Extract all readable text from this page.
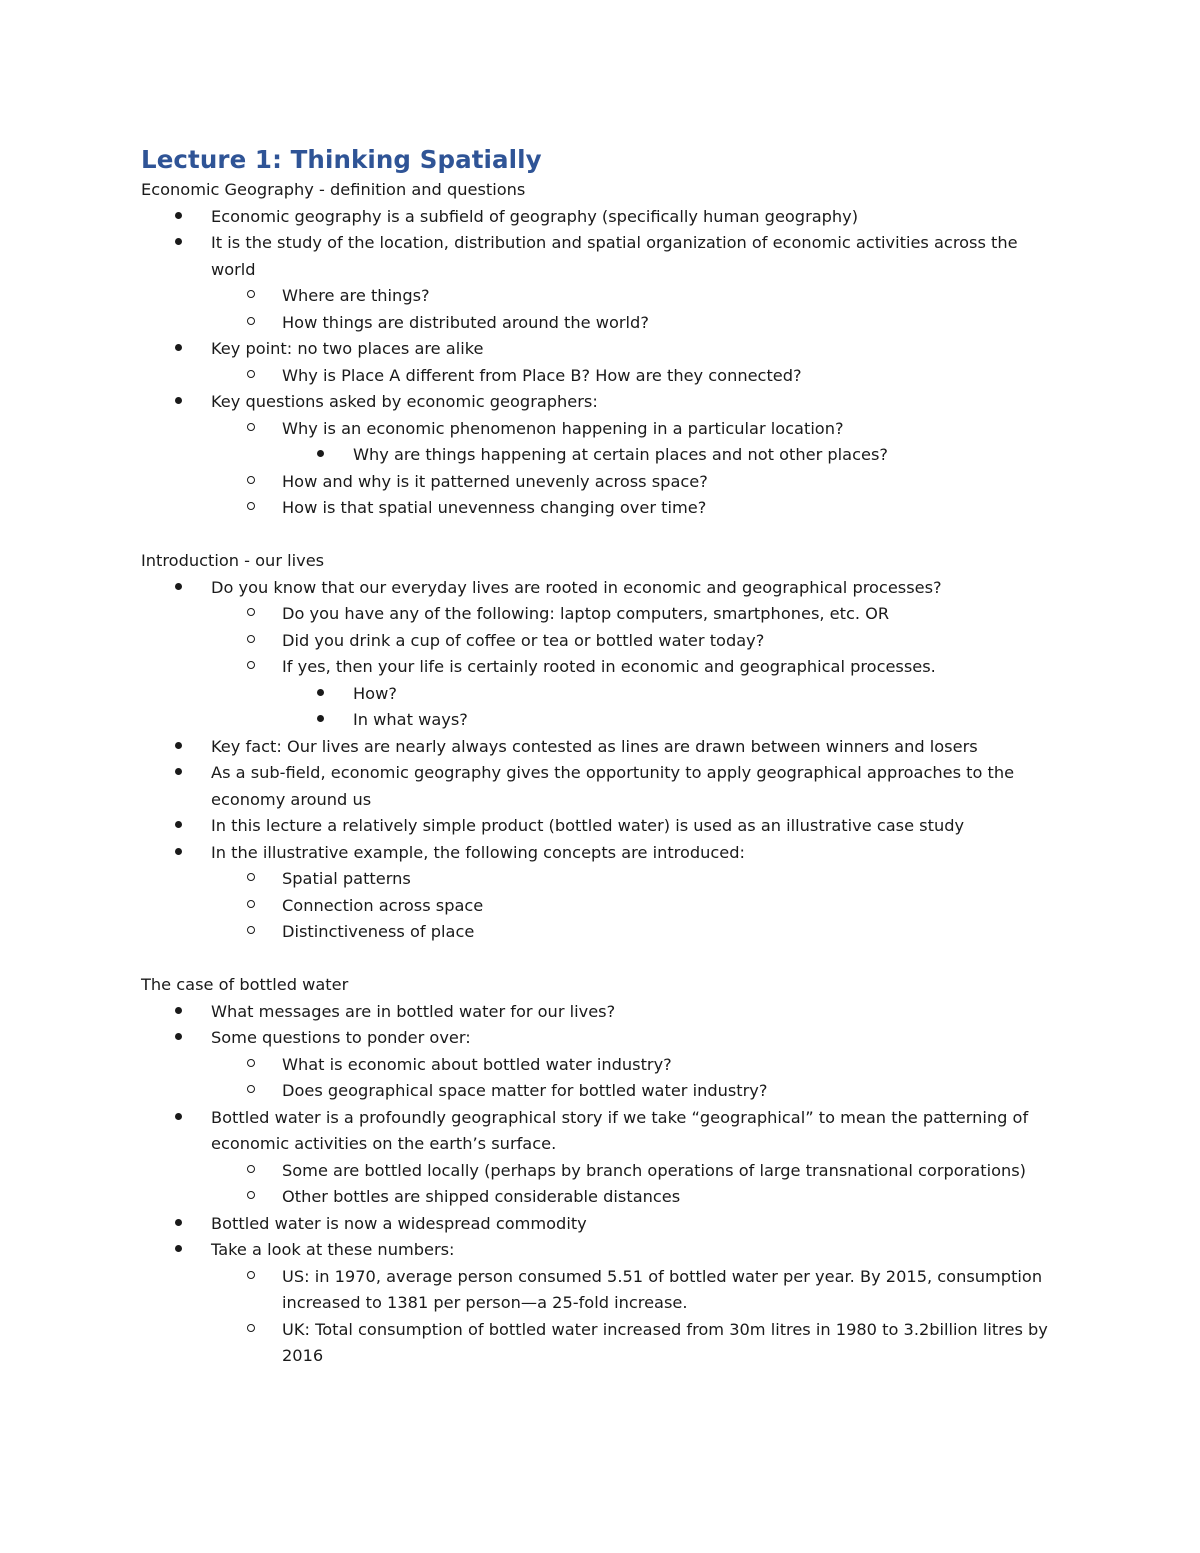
Lecture 1: Thinking Spatially
Economic Geography - definition and questions
Economic geography is a subfield of geography (specifically human geography)
It is the study of the location, distribution and spatial organization of economic activities across the world
Where are things?
How things are distributed around the world?
Key point: no two places are alike
Why is Place A different from Place B? How are they connected?
Key questions asked by economic geographers:
Why is an economic phenomenon happening in a particular location?
Why are things happening at certain places and not other places?
How and why is it patterned unevenly across space?
How is that spatial unevenness changing over time?
Introduction - our lives
Do you know that our everyday lives are rooted in economic and geographical processes?
Do you have any of the following: laptop computers, smartphones, etc. OR
Did you drink a cup of coffee or tea or bottled water today?
If yes, then your life is certainly rooted in economic and geographical processes.
How?
In what ways?
Key fact: Our lives are nearly always contested as lines are drawn between winners and losers
As a sub-field, economic geography gives the opportunity to apply geographical approaches to the economy around us
In this lecture a relatively simple product (bottled water) is used as an illustrative case study
In the illustrative example, the following concepts are introduced:
Spatial patterns
Connection across space
Distinctiveness of place
The case of bottled water
What messages are in bottled water for our lives?
Some questions to ponder over:
What is economic about bottled water industry?
Does geographical space matter for bottled water industry?
Bottled water is a profoundly geographical story if we take “geographical” to mean the patterning of economic activities on the earth’s surface.
Some are bottled locally (perhaps by branch operations of large transnational corporations)
Other bottles are shipped considerable distances
Bottled water is now a widespread commodity
Take a look at these numbers:
US: in 1970, average person consumed 5.51 of bottled water per year. By 2015, consumption increased to 1381 per person—a 25-fold increase.
UK: Total consumption of bottled water increased from 30m litres in 1980 to 3.2billion litres by 2016
